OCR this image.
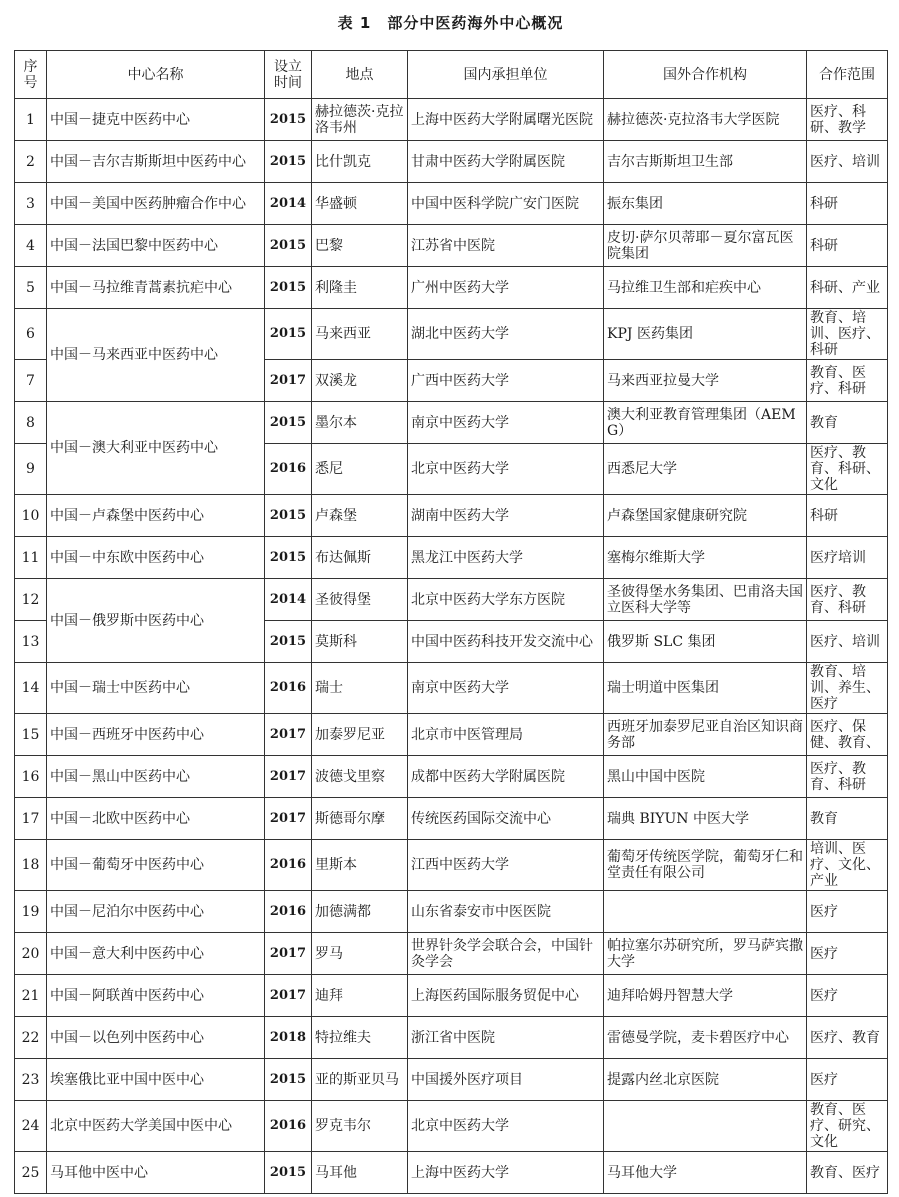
表 1　部分中医药海外中心概况
序号	中心名称	设立时间	地点	国内承担单位	国外合作机构	合作范围
1	中国－捷克中医药中心	2015	赫拉德茨·克拉洛韦州	上海中医药大学附属曙光医院	赫拉德茨·克拉洛韦大学医院	医疗、科研、教学
2	中国－吉尔吉斯斯坦中医药中心	2015	比什凯克	甘肃中医药大学附属医院	吉尔吉斯斯坦卫生部	医疗、培训
3	中国－美国中医药肿瘤合作中心	2014	华盛顿	中国中医科学院广安门医院	振东集团	科研
4	中国－法国巴黎中医药中心	2015	巴黎	江苏省中医院	皮切·萨尔贝蒂耶－夏尔富瓦医院集团	科研
5	中国－马拉维青蒿素抗疟中心	2015	利隆圭	广州中医药大学	马拉维卫生部和疟疾中心	科研、产业
6	中国－马来西亚中医药中心	2015	马来西亚	湖北中医药大学	KPJ 医药集团	教育、培训、医疗、科研
7		2017	双溪龙	广西中医药大学	马来西亚拉曼大学	教育、医疗、科研
8	中国－澳大利亚中医药中心	2015	墨尔本	南京中医药大学	澳大利亚教育管理集团（AEMG）	教育
9		2016	悉尼	北京中医药大学	西悉尼大学	医疗、教育、科研、文化
10	中国－卢森堡中医药中心	2015	卢森堡	湖南中医药大学	卢森堡国家健康研究院	科研
11	中国－中东欧中医药中心	2015	布达佩斯	黑龙江中医药大学	塞梅尔维斯大学	医疗培训
12	中国－俄罗斯中医药中心	2014	圣彼得堡	北京中医药大学东方医院	圣彼得堡水务集团、巴甫洛夫国立医科大学等	医疗、教育、科研
13		2015	莫斯科	中国中医药科技开发交流中心	俄罗斯 SLC 集团	医疗、培训
14	中国－瑞士中医药中心	2016	瑞士	南京中医药大学	瑞士明道中医集团	教育、培训、养生、医疗
15	中国－西班牙中医药中心	2017	加泰罗尼亚	北京市中医管理局	西班牙加泰罗尼亚自治区知识商务部	医疗、保健、教育、
16	中国－黑山中医药中心	2017	波德戈里察	成都中医药大学附属医院	黑山中国中医院	医疗、教育、科研
17	中国－北欧中医药中心	2017	斯德哥尔摩	传统医药国际交流中心	瑞典 BIYUN 中医大学	教育
18	中国－葡萄牙中医药中心	2016	里斯本	江西中医药大学	葡萄牙传统医学院，葡萄牙仁和堂责任有限公司	培训、医疗、文化、产业
19	中国－尼泊尔中医药中心	2016	加德满都	山东省泰安市中医医院		医疗
20	中国－意大利中医药中心	2017	罗马	世界针灸学会联合会，中国针灸学会	帕拉塞尔苏研究所，罗马萨宾撒大学	医疗
21	中国－阿联酋中医药中心	2017	迪拜	上海医药国际服务贸促中心	迪拜哈姆丹智慧大学	医疗
22	中国－以色列中医药中心	2018	特拉维夫	浙江省中医院	雷德曼学院，麦卡碧医疗中心	医疗、教育
23	埃塞俄比亚中国中医中心	2015	亚的斯亚贝马	中国援外医疗项目	提露内丝北京医院	医疗
24	北京中医药大学美国中医中心	2016	罗克韦尔	北京中医药大学		教育、医疗、研究、文化
25	马耳他中医中心	2015	马耳他	上海中医药大学	马耳他大学	教育、医疗
